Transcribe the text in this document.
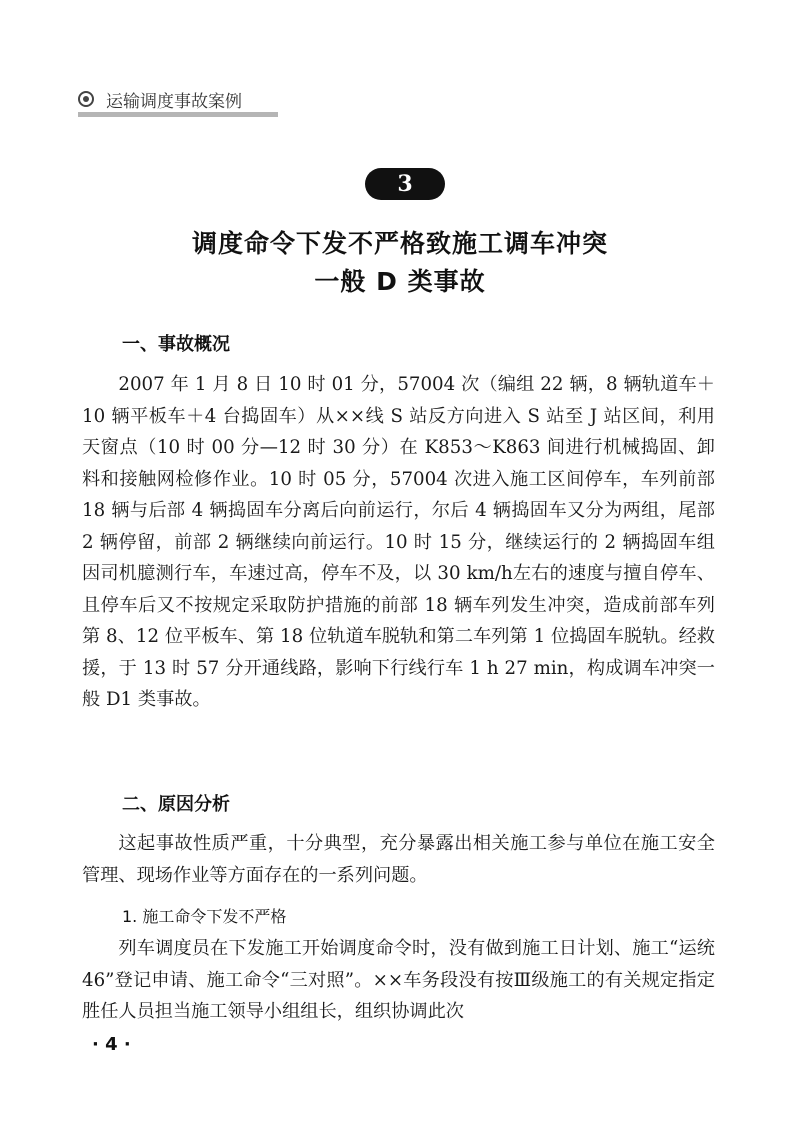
运输调度事故案例
3
调度命令下发不严格致施工调车冲突
一般 D 类事故
一、事故概况

2007 年 1 月 8 日 10 时 01 分，57004 次（编组 22 辆，8 辆轨道车＋10 辆平板车＋4 台捣固车）从××线 S 站反方向进入 S 站至 J 站区间，利用天窗点（10 时 00 分—12 时 30 分）在 K853～K863 间进行机械捣固、卸料和接触网检修作业。10 时 05 分，57004 次进入施工区间停车，车列前部 18 辆与后部 4 辆捣固车分离后向前运行，尔后 4 辆捣固车又分为两组，尾部 2 辆停留，前部 2 辆继续向前运行。10 时 15 分，继续运行的 2 辆捣固车组因司机臆测行车，车速过高，停车不及，以 30 km/h左右的速度与擅自停车、且停车后又不按规定采取防护措施的前部 18 辆车列发生冲突，造成前部车列第 8、12 位平板车、第 18 位轨道车脱轨和第二车列第 1 位捣固车脱轨。经救援，于 13 时 57 分开通线路，影响下行线行车 1 h 27 min，构成调车冲突一般 D1 类事故。

二、原因分析

这起事故性质严重，十分典型，充分暴露出相关施工参与单位在施工安全管理、现场作业等方面存在的一系列问题。

1. 施工命令下发不严格

列车调度员在下发施工开始调度命令时，没有做到施工日计划、施工“运统 46”登记申请、施工命令“三对照”。××车务段没有按Ⅲ级施工的有关规定指定胜任人员担当施工领导小组组长，组织协调此次

· 4 ·
